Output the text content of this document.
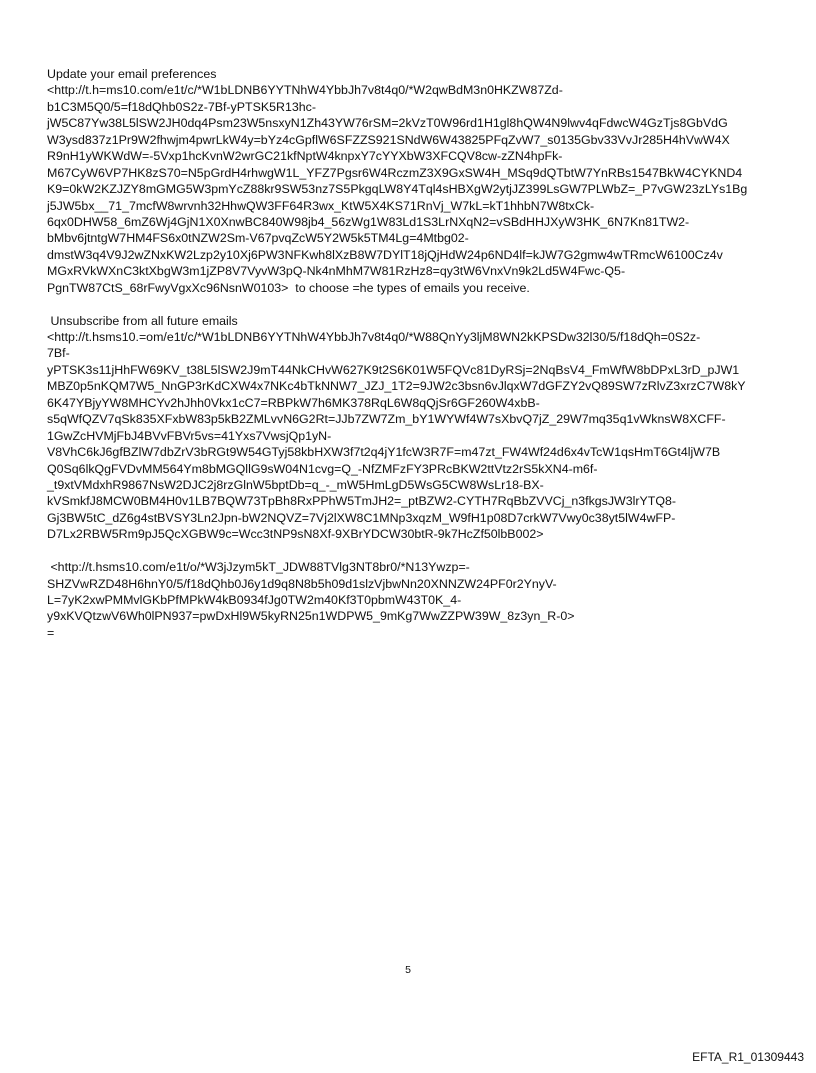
Update your email preferences
<http://t.h=ms10.com/e1t/c/*W1bLDNB6YYTNhW4YbbJh7v8t4q0/*W2qwBdM3n0HKZW87Zd-
b1C3M5Q0/5=f18dQhb0S2z-7Bf-yPTSK5R13hc-
jW5C87Yw38L5lSW2JH0dq4Psm23W5nsxyN1Zh43YW76rSM=2kVzT0W96rd1H1gl8hQW4N9lwv4qFdwcW4GzTjs8GbVdG
W3ysd837z1Pr9W2fhwjm4pwrLkW4y=bYz4cGpflW6SFZZS921SNdW6W43825PFqZvW7_s0135Gbv33VvJr285H4hVwW4X
R9nH1yWKWdW=-5Vxp1hcKvnW2wrGC21kfNptW4knpxY7cYYXbW3XFCQV8cw-zZN4hpFk-
M67CyW6VP7HK8zS70=N5pGrdH4rhwgW1L_YFZ7Pgsr6W4RczmZ3X9GxSW4H_MSq9dQTbtW7YnRBs1547BkW4CYKND4
K9=0kW2KZJZY8mGMG5W3pmYcZ88kr9SW53nz7S5PkgqLW8Y4Tql4sHBXgW2ytjJZ399LsGW7PLWbZ=_P7vGW23zLYs1Bg
j5JW5bx__71_7mcfW8wrvnh32HhwQW3FF64R3wx_KtW5X4KS71RnVj_W7kL=kT1hhbN7W8txCk-
6qx0DHW58_6mZ6Wj4GjN1X0XnwBC840W98jb4_56zWg1W83Ld1S3LrNXqN2=vSBdHHJXyW3HK_6N7Kn81TW2-
bMbv6jtntgW7HM4FS6x0tNZW2Sm-V67pvqZcW5Y2W5k5TM4Lg=4Mtbg02-
dmstW3q4V9J2wZNxKW2Lzp2y10Xj6PW3NFKwh8lXzB8W7DYlT18jQjHdW24p6ND4lf=kJW7G2gmw4wTRmcW6100Cz4v
MGxRVkWXnC3ktXbgW3m1jZP8V7VyvW3pQ-Nk4nMhM7W81RzHz8=qy3tW6VnxVn9k2Ld5W4Fwc-Q5-
PgnTW87CtS_68rFwyVgxXc96NsnW0103>  to choose =he types of emails you receive.
Unsubscribe from all future emails
<http://t.hsms10.=om/e1t/c/*W1bLDNB6YYTNhW4YbbJh7v8t4q0/*W88QnYy3ljM8WN2kKPSDw32l30/5/f18dQh=0S2z-
7Bf-
yPTSK3s11jHhFW69KV_t38L5lSW2J9mT44NkCHvW627K9t2S6K01W5FQVc81DyRSj=2NqBsV4_FmWfW8bDPxL3rD_pJW1
MBZ0p5nKQM7W5_NnGP3rKdCXW4x7NKc4bTkNNW7_JZJ_1T2=9JW2c3bsn6vJlqxW7dGFZY2vQ89SW7zRlvZ3xrzC7W8kY
6K47YBjyYW8MHCYv2hJhh0Vkx1cC7=RBPkW7h6MK378RqL6W8qQjSr6GF260W4xbB-
s5qWfQZV7qSk835XFxbW83p5kB2ZMLvvN6G2Rt=JJb7ZW7Zm_bY1WYWf4W7sXbvQ7jZ_29W7mq35q1vWknsW8XCFF-
1GwZcHVMjFbJ4BVvFBVr5vs=41Yxs7VwsjQp1yN-
V8VhC6kJ6gfBZlW7dbZrV3bRGt9W54GTyj58kbHXW3f7t2q4jY1fcW3R7F=m47zt_FW4Wf24d6x4vTcW1qsHmT6Gt4ljW7B
Q0Sq6lkQgFVDvMM564Ym8bMGQllG9sW04N1cvg=Q_-NfZMFzFY3PRcBKW2ttVtz2rS5kXN4-m6f-
_t9xtVMdxhR9867NsW2DJC2j8rzGlnW5bptDb=q_-_mW5HmLgD5WsG5CW8WsLr18-BX-
kVSmkfJ8MCW0BM4H0v1LB7BQW73TpBh8RxPPhW5TmJH2=_ptBZW2-CYTH7RqBbZVVCj_n3fkgsJW3lrYTQ8-
Gj3BW5tC_dZ6g4stBVSY3Ln2Jpn-bW2NQVZ=7Vj2lXW8C1MNp3xqzM_W9fH1p08D7crkW7Vwy0c38yt5lW4wFP-
D7Lx2RBW5Rm9pJ5QcXGBW9c=Wcc3tNP9sN8Xf-9XBrYDCW30btR-9k7HcZf50lbB002>
<http://t.hsms10.com/e1t/o/*W3jJzym5kT_JDW88TVlg3NT8br0/*N13Ywzp=-
SHZVwRZD48H6hnY0/5/f18dQhb0J6y1d9q8N8b5h09d1slzVjbwNn20XNNZW24PF0r2YnyV-
L=7yK2xwPMMvlGKbPfMPkW4kB0934fJg0TW2m40Kf3T0pbmW43T0K_4-
y9xKVQtzwV6Wh0lPN937=pwDxHl9W5kyRN25n1WDPW5_9mKg7WwZZPW39W_8z3yn_R-0>
=
5
EFTA_R1_01309443
